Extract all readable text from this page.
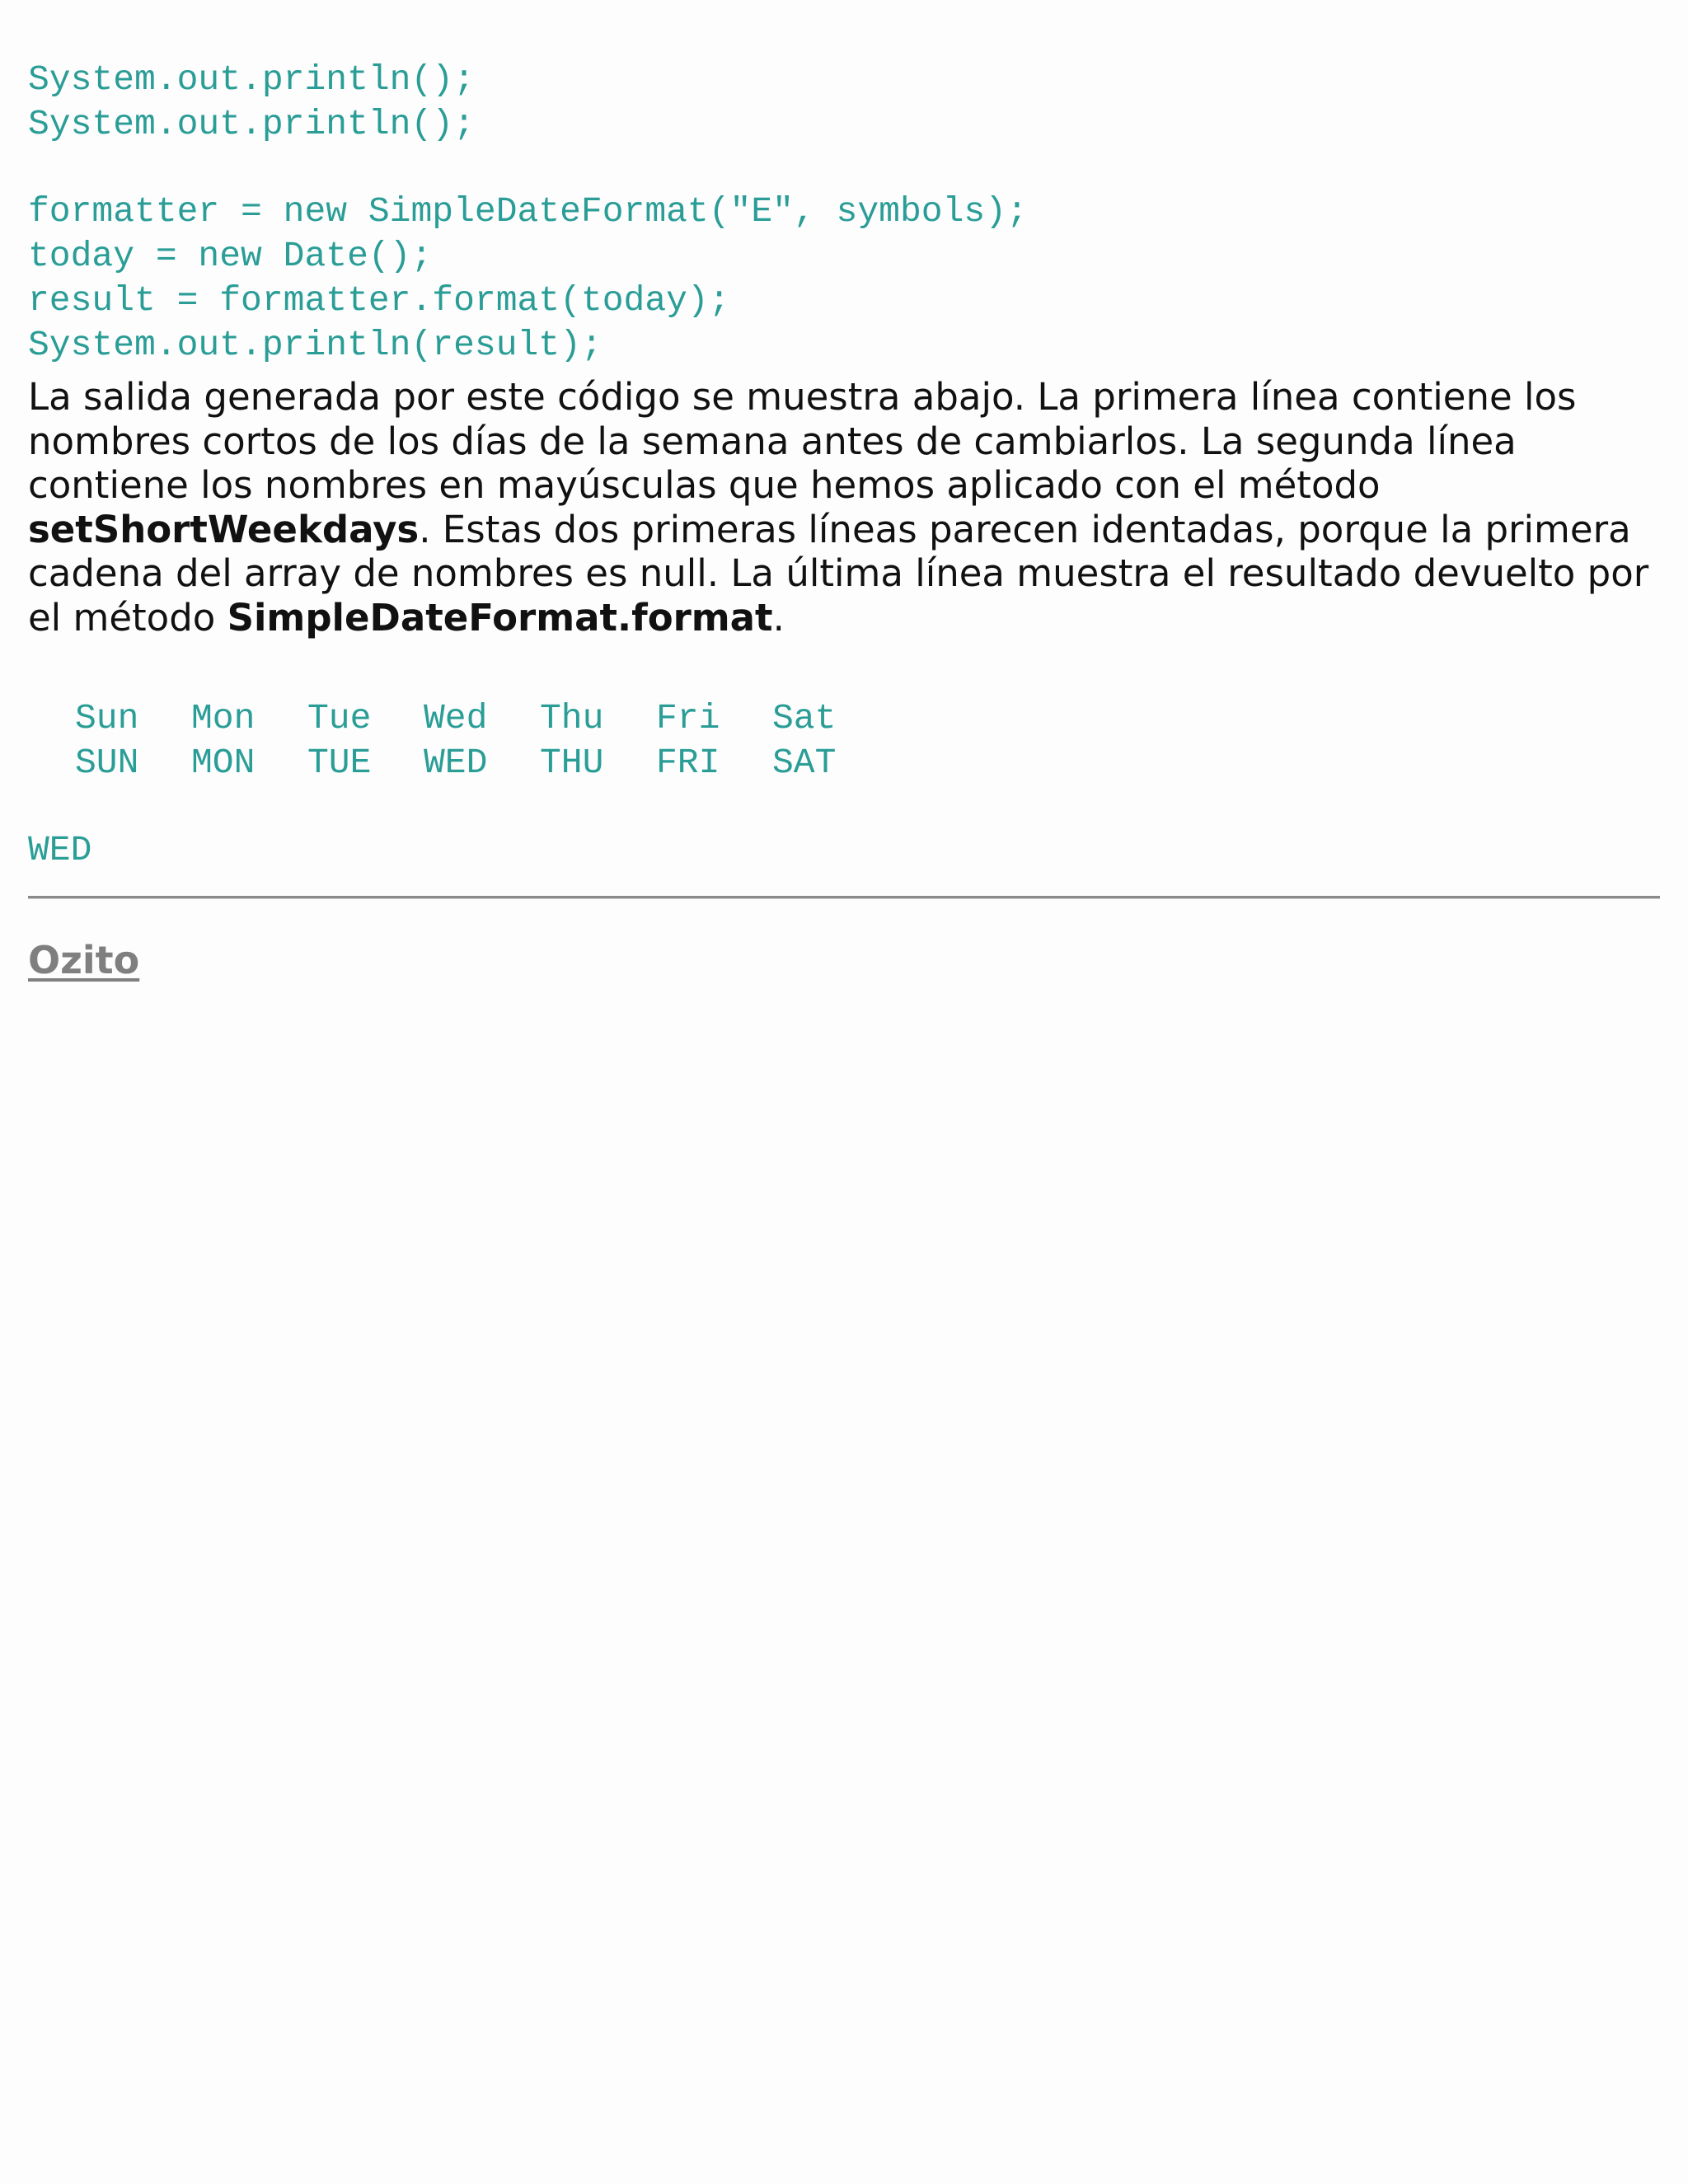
System.out.println();
System.out.println();
formatter = new SimpleDateFormat("E", symbols);
today = new Date();
result = formatter.format(today);
System.out.println(result);

La salida generada por este código se muestra abajo. La primera línea contiene los nombres cortos de los días de la semana antes de cambiarlos. La segunda línea contiene los nombres en mayúsculas que hemos aplicado con el método setShortWeekdays. Estas dos primeras líneas parecen identadas, porque la primera cadena del array de nombres es null. La última línea muestra el resultado devuelto por el método SimpleDateFormat.format.

Sun	Mon	Tue	Wed	Thu	Fri	Sat
SUN	MON	TUE	WED	THU	FRI	SAT
WED
Ozito
